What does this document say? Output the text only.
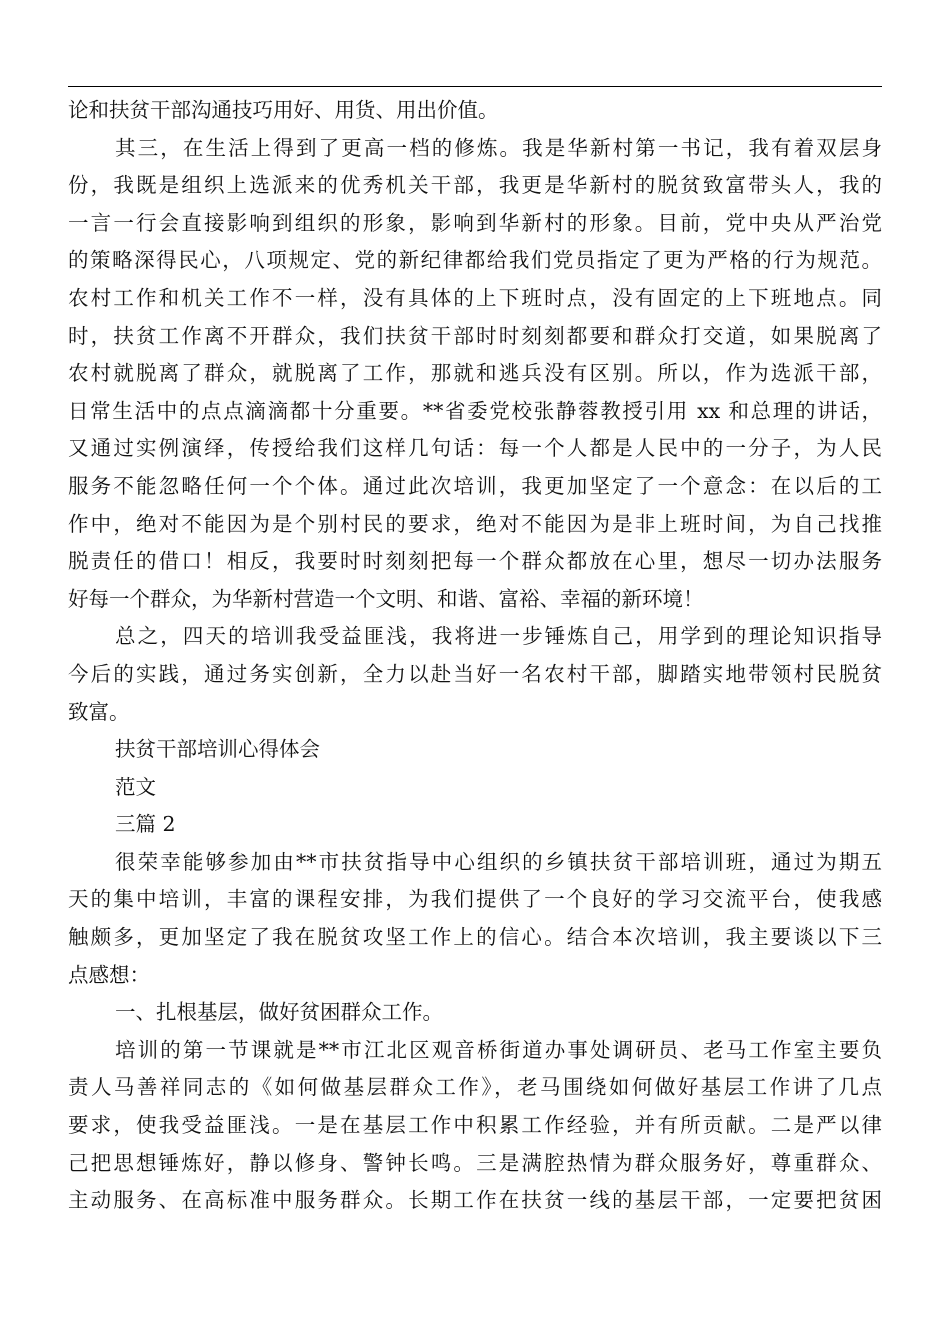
论和扶贫干部沟通技巧用好、用货、用出价值。

其三，在生活上得到了更高一档的修炼。我是华新村第一书记，我有着双层身
份，我既是组织上选派来的优秀机关干部，我更是华新村的脱贫致富带头人，我的
一言一行会直接影响到组织的形象，影响到华新村的形象。目前，党中央从严治党
的策略深得民心，八项规定、党的新纪律都给我们党员指定了更为严格的行为规范。
农村工作和机关工作不一样，没有具体的上下班时点，没有固定的上下班地点。同
时，扶贫工作离不开群众，我们扶贫干部时时刻刻都要和群众打交道，如果脱离了
农村就脱离了群众，就脱离了工作，那就和逃兵没有区别。所以，作为选派干部，
日常生活中的点点滴滴都十分重要。**省委党校张静蓉教授引用 xx 和总理的讲话，
又通过实例演绎，传授给我们这样几句话：每一个人都是人民中的一分子，为人民
服务不能忽略任何一个个体。通过此次培训，我更加坚定了一个意念：在以后的工
作中，绝对不能因为是个别村民的要求，绝对不能因为是非上班时间，为自己找推
脱责任的借口！相反，我要时时刻刻把每一个群众都放在心里，想尽一切办法服务
好每一个群众，为华新村营造一个文明、和谐、富裕、幸福的新环境！

总之，四天的培训我受益匪浅，我将进一步锤炼自己，用学到的理论知识指导
今后的实践，通过务实创新，全力以赴当好一名农村干部，脚踏实地带领村民脱贫
致富。

扶贫干部培训心得体会
范文
三篇 2

很荣幸能够参加由**市扶贫指导中心组织的乡镇扶贫干部培训班，通过为期五
天的集中培训，丰富的课程安排，为我们提供了一个良好的学习交流平台，使我感
触颇多，更加坚定了我在脱贫攻坚工作上的信心。结合本次培训，我主要谈以下三
点感想：

一、扎根基层，做好贫困群众工作。

培训的第一节课就是**市江北区观音桥街道办事处调研员、老马工作室主要负
责人马善祥同志的《如何做基层群众工作》，老马围绕如何做好基层工作讲了几点
要求，使我受益匪浅。一是在基层工作中积累工作经验，并有所贡献。二是严以律
己把思想锤炼好，静以修身、警钟长鸣。三是满腔热情为群众服务好，尊重群众、
主动服务、在高标准中服务群众。长期工作在扶贫一线的基层干部，一定要把贫困
